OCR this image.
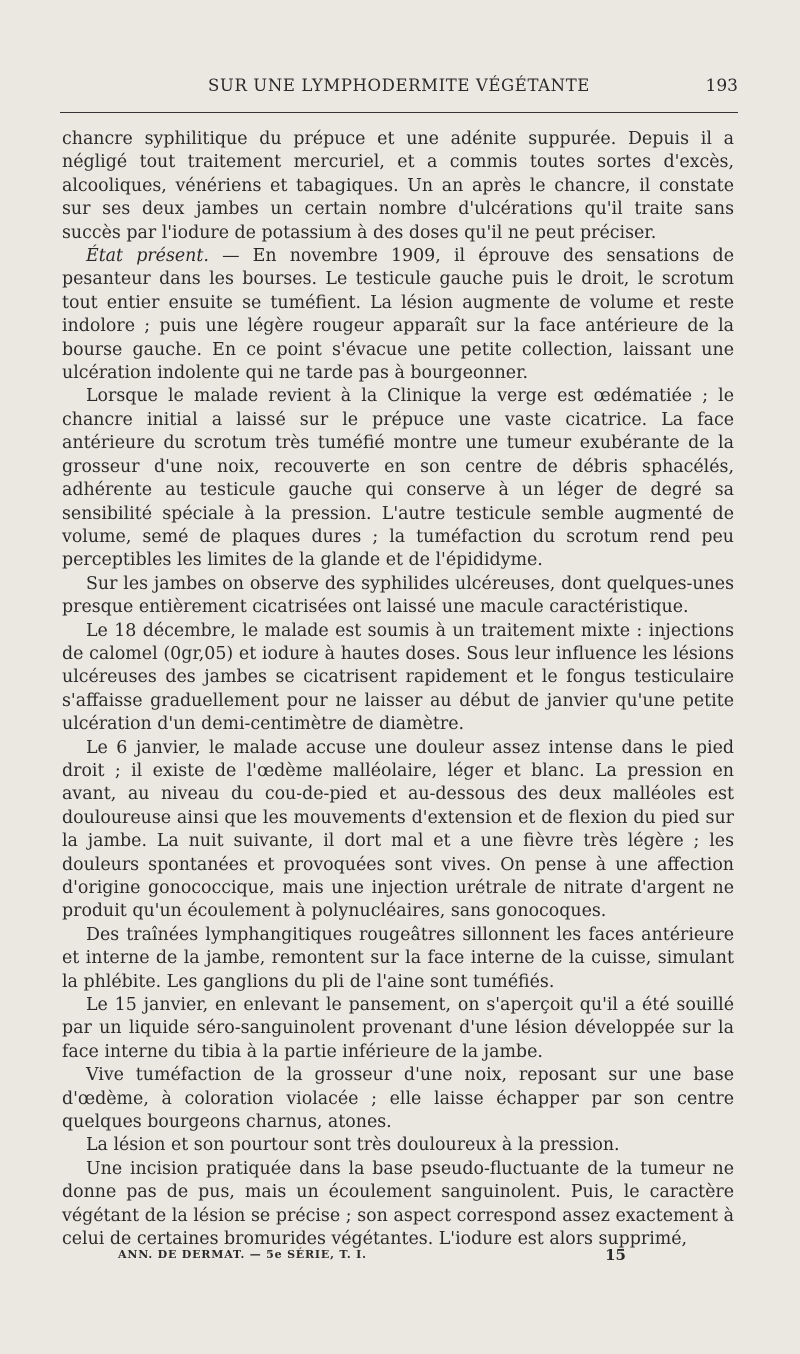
SUR UNE LYMPHODERMITE VÉGÉTANTE	193

chancre syphilitique du prépuce et une adénite suppurée. Depuis il a négligé tout traitement mercuriel, et a commis toutes sortes d'excès, alcooliques, vénériens et tabagiques. Un an après le chancre, il constate sur ses deux jambes un certain nombre d'ulcérations qu'il traite sans succès par l'iodure de potassium à des doses qu'il ne peut préciser.

État présent. — En novembre 1909, il éprouve des sensations de pesanteur dans les bourses. Le testicule gauche puis le droit, le scrotum tout entier ensuite se tuméfient. La lésion augmente de volume et reste indolore ; puis une légère rougeur apparaît sur la face antérieure de la bourse gauche. En ce point s'évacue une petite collection, laissant une ulcération indolente qui ne tarde pas à bourgeonner.

Lorsque le malade revient à la Clinique la verge est œdématiée ; le chancre initial a laissé sur le prépuce une vaste cicatrice. La face antérieure du scrotum très tuméfié montre une tumeur exubérante de la grosseur d'une noix, recouverte en son centre de débris sphacélés, adhérente au testicule gauche qui conserve à un léger de degré sa sensibilité spéciale à la pression. L'autre testicule semble augmenté de volume, semé de plaques dures ; la tuméfaction du scrotum rend peu perceptibles les limites de la glande et de l'épididyme.

Sur les jambes on observe des syphilides ulcéreuses, dont quelques-unes presque entièrement cicatrisées ont laissé une macule caractéristique.

Le 18 décembre, le malade est soumis à un traitement mixte : injections de calomel (0gr,05) et iodure à hautes doses. Sous leur influence les lésions ulcéreuses des jambes se cicatrisent rapidement et le fongus testiculaire s'affaisse graduellement pour ne laisser au début de janvier qu'une petite ulcération d'un demi-centimètre de diamètre.

Le 6 janvier, le malade accuse une douleur assez intense dans le pied droit ; il existe de l'œdème malléolaire, léger et blanc. La pression en avant, au niveau du cou-de-pied et au-dessous des deux malléoles est douloureuse ainsi que les mouvements d'extension et de flexion du pied sur la jambe. La nuit suivante, il dort mal et a une fièvre très légère ; les douleurs spontanées et provoquées sont vives. On pense à une affection d'origine gonococcique, mais une injection urétrale de nitrate d'argent ne produit qu'un écoulement à polynucléaires, sans gonocoques.

Des traînées lymphangitiques rougeâtres sillonnent les faces antérieure et interne de la jambe, remontent sur la face interne de la cuisse, simulant la phlébite. Les ganglions du pli de l'aine sont tuméfiés.

Le 15 janvier, en enlevant le pansement, on s'aperçoit qu'il a été souillé par un liquide séro-sanguinolent provenant d'une lésion développée sur la face interne du tibia à la partie inférieure de la jambe.

Vive tuméfaction de la grosseur d'une noix, reposant sur une base d'œdème, à coloration violacée ; elle laisse échapper par son centre quelques bourgeons charnus, atones.

La lésion et son pourtour sont très douloureux à la pression.

Une incision pratiquée dans la base pseudo-fluctuante de la tumeur ne donne pas de pus, mais un écoulement sanguinolent. Puis, le caractère végétant de la lésion se précise ; son aspect correspond assez exactement à celui de certaines bromurides végétantes. L'iodure est alors supprimé,

ANN. DE DERMAT. — 5e SÉRIE, T. I.	15
